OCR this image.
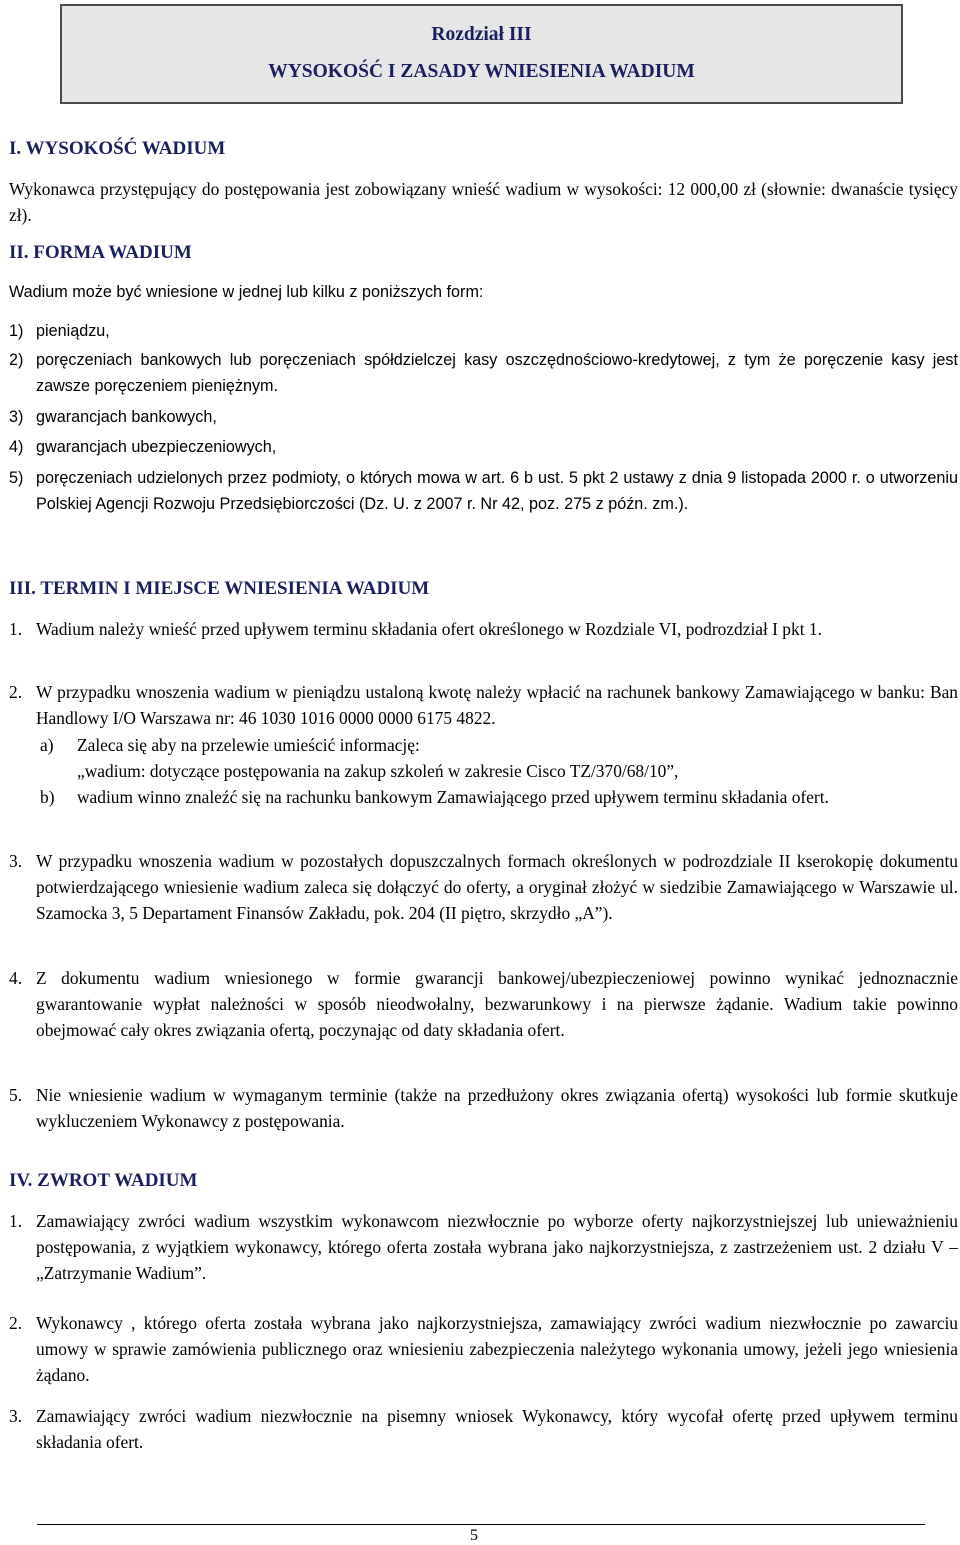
Rozdział III
WYSOKOŚĆ I ZASADY WNIESIENIA WADIUM
I. WYSOKOŚĆ WADIUM
Wykonawca przystępujący do postępowania jest zobowiązany wnieść wadium w wysokości: 12 000,00 zł (słownie: dwanaście tysięcy zł).
II. FORMA WADIUM
Wadium może być wniesione w jednej lub kilku z poniższych form:
1) pieniądzu,
2) poręczeniach bankowych lub poręczeniach spółdzielczej kasy oszczędnościowo-kredytowej, z tym że poręczenie kasy jest zawsze poręczeniem pieniężnym.
3) gwarancjach bankowych,
4) gwarancjach ubezpieczeniowych,
5) poręczeniach udzielonych przez podmioty, o których mowa w art. 6 b ust. 5 pkt 2 ustawy z dnia 9 listopada 2000 r. o utworzeniu Polskiej Agencji Rozwoju Przedsiębiorczości (Dz. U. z 2007 r. Nr 42, poz. 275 z późn. zm.).
III. TERMIN I MIEJSCE WNIESIENIA WADIUM
1. Wadium należy wnieść przed upływem terminu składania ofert określonego w Rozdziale VI, podrozdział I pkt 1.
2. W przypadku wnoszenia wadium w pieniądzu ustaloną kwotę należy wpłacić na rachunek bankowy Zamawiającego w banku: Ban Handlowy I/O Warszawa nr: 46 1030 1016 0000 0000 6175 4822.
a)	Zaleca się aby na przelewie umieścić informację:
„wadium: dotyczące postępowania na zakup szkoleń w zakresie Cisco TZ/370/68/10”,
b)	wadium winno znaleźć się na rachunku bankowym Zamawiającego przed upływem terminu składania ofert.
3. W przypadku wnoszenia wadium w pozostałych dopuszczalnych formach określonych w podrozdziale II kserokopię dokumentu potwierdzającego wniesienie wadium zaleca się dołączyć do oferty, a oryginał złożyć w siedzibie Zamawiającego w Warszawie ul. Szamocka 3, 5 Departament Finansów Zakładu, pok. 204 (II piętro, skrzydło „A”).
4. Z dokumentu wadium wniesionego w formie gwarancji bankowej/ubezpieczeniowej powinno wynikać jednoznacznie gwarantowanie wypłat należności w sposób nieodwołalny, bezwarunkowy i na pierwsze żądanie. Wadium takie powinno obejmować cały okres związania ofertą, poczynając od daty składania ofert.
5. Nie wniesienie wadium w wymaganym terminie (także na przedłużony okres związania ofertą) wysokości lub formie skutkuje wykluczeniem Wykonawcy z postępowania.
IV. ZWROT WADIUM
1. Zamawiający zwróci wadium wszystkim wykonawcom niezwłocznie po wyborze oferty najkorzystniejszej lub unieważnieniu postępowania, z wyjątkiem wykonawcy, którego oferta została wybrana jako najkorzystniejsza, z zastrzeżeniem ust. 2 działu V – „Zatrzymanie Wadium”.
2. Wykonawcy , którego oferta została wybrana jako najkorzystniejsza, zamawiający zwróci wadium niezwłocznie po zawarciu umowy w sprawie zamówienia publicznego oraz wniesieniu zabezpieczenia należytego wykonania umowy, jeżeli jego wniesienia żądano.
3. Zamawiający zwróci wadium niezwłocznie na pisemny wniosek Wykonawcy, który wycofał ofertę przed upływem terminu składania ofert.
5
